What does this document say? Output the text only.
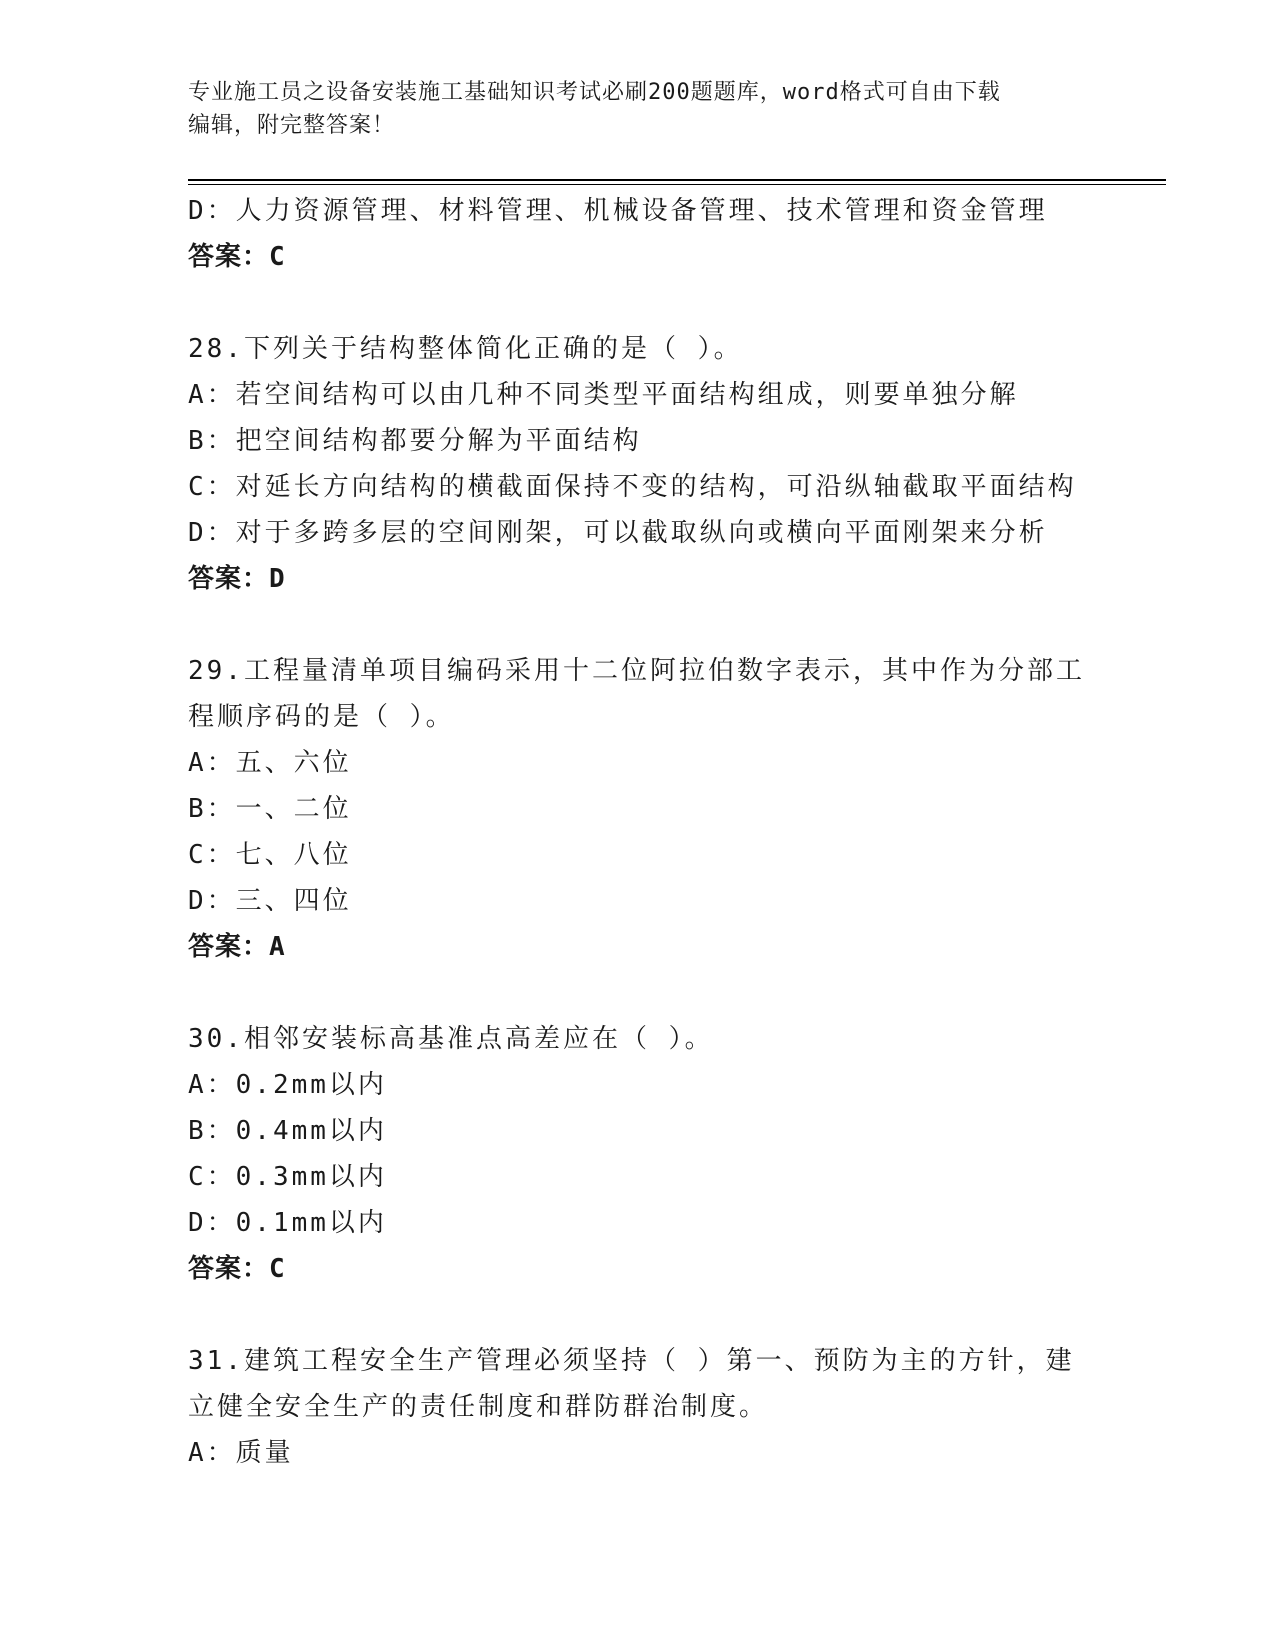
专业施工员之设备安装施工基础知识考试必刷200题题库，word格式可自由下载
编辑，附完整答案！
D：人力资源管理、材料管理、机械设备管理、技术管理和资金管理
答案：C
28.下列关于结构整体简化正确的是（ ）。
A：若空间结构可以由几种不同类型平面结构组成，则要单独分解
B：把空间结构都要分解为平面结构
C：对延长方向结构的横截面保持不变的结构，可沿纵轴截取平面结构
D：对于多跨多层的空间刚架，可以截取纵向或横向平面刚架来分析
答案：D
29.工程量清单项目编码采用十二位阿拉伯数字表示，其中作为分部工
程顺序码的是（ ）。
A：五、六位
B：一、二位
C：七、八位
D：三、四位
答案：A
30.相邻安装标高基准点高差应在（ ）。
A：0.2mm以内
B：0.4mm以内
C：0.3mm以内
D：0.1mm以内
答案：C
31.建筑工程安全生产管理必须坚持（ ）第一、预防为主的方针，建
立健全安全生产的责任制度和群防群治制度。
A：质量
